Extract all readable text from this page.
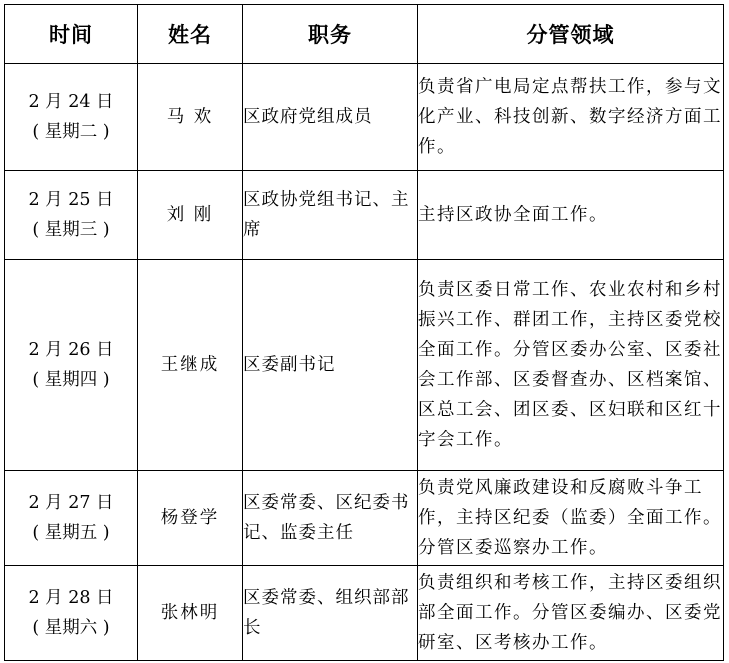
时间	姓名	职务	分管领域

2 月 24 日
( 星期二 )	马 欢	区政府党组成员	负责省广电局定点帮扶工作，参与文化产业、科技创新、数字经济方面工作。

2 月 25 日
( 星期三 )	刘 刚	区政协党组书记、主席	主持区政协全面工作。

2 月 26 日
( 星期四 )	王继成	区委副书记	负责区委日常工作、农业农村和乡村振兴工作、群团工作，主持区委党校全面工作。分管区委办公室、区委社会工作部、区委督查办、区档案馆、区总工会、团区委、区妇联和区红十字会工作。

2 月 27 日
( 星期五 )	杨登学	区委常委、区纪委书记、监委主任	负责党风廉政建设和反腐败斗争工作，主持区纪委（监委）全面工作。分管区委巡察办工作。

2 月 28 日
( 星期六 )	张林明	区委常委、组织部部长	负责组织和考核工作，主持区委组织部全面工作。分管区委编办、区委党研室、区考核办工作。
